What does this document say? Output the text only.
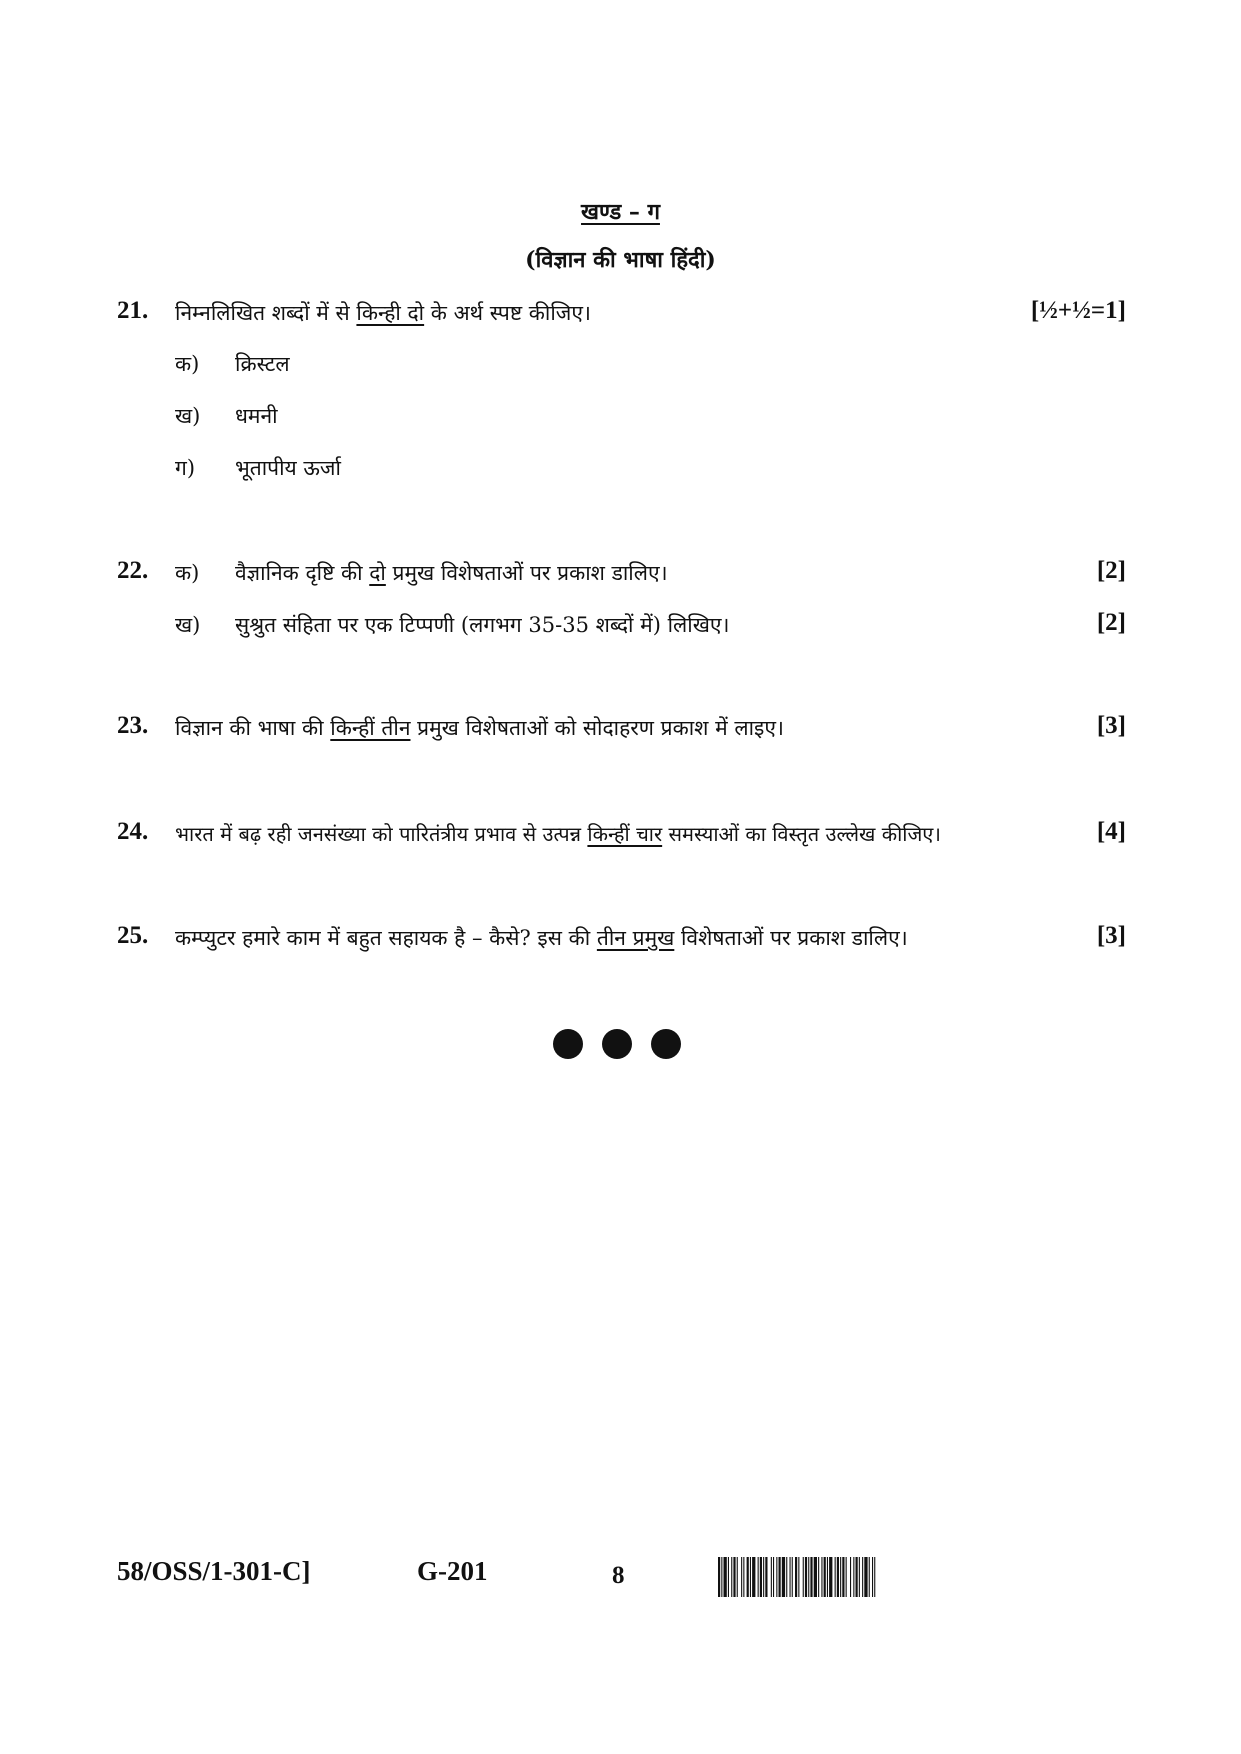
खण्ड – ग
(विज्ञान की भाषा हिंदी)
21. निम्नलिखित शब्दों में से किन्ही दो के अर्थ स्पष्ट कीजिए।	[½+½=1]
क) क्रिस्टल
ख) धमनी
ग) भूतापीय ऊर्जा
22. क) वैज्ञानिक दृष्टि की दो प्रमुख विशेषताओं पर प्रकाश डालिए।	[2]
ख) सुश्रुत संहिता पर एक टिप्पणी (लगभग 35-35 शब्दों में) लिखिए।	[2]
23. विज्ञान की भाषा की किन्हीं तीन प्रमुख विशेषताओं को सोदाहरण प्रकाश में लाइए।	[3]
24. भारत में बढ़ रही जनसंख्या को पारितंत्रीय प्रभाव से उत्पन्न किन्हीं चार समस्याओं का विस्तृत उल्लेख कीजिए।	[4]
25. कम्प्युटर हमारे काम में बहुत सहायक है – कैसे? इस की तीन प्रमुख विशेषताओं पर प्रकाश डालिए।	[3]
58/OSS/1-301-C]	G-201	8
